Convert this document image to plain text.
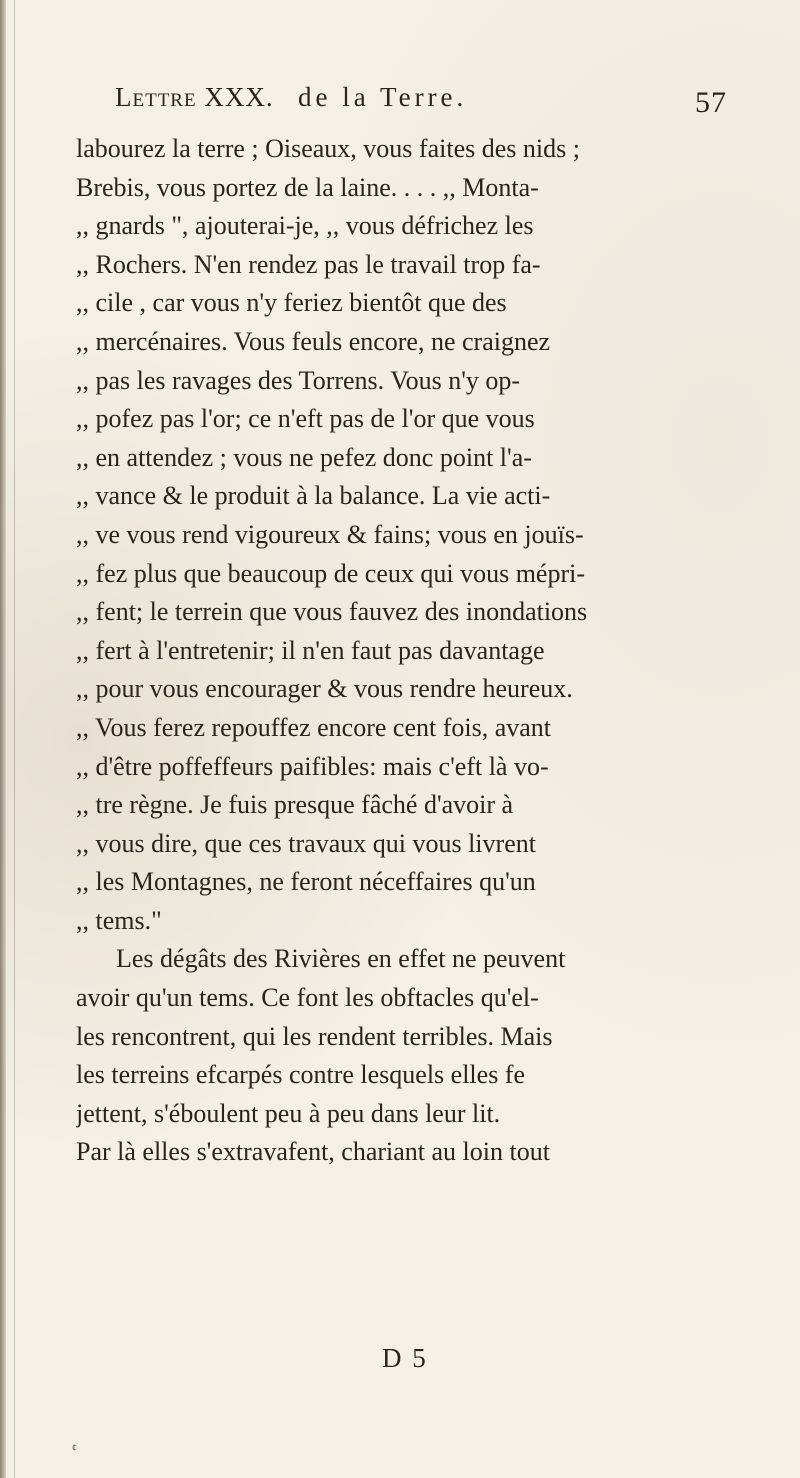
Lettre XXX. de la Terre.	57
labourez la terre ; Oiseaux, vous faites des nids ;
Brebis, vous portez de la laine. . . . ,, Monta-
,, gnards ", ajouterai-je, ,, vous défrichez les
,, Rochers. N'en rendez pas le travail trop fa-
,, cile , car vous n'y feriez bientôt que des
,, mercénaires. Vous feuls encore, ne craignez
,, pas les ravages des Torrens. Vous n'y op-
,, pofez pas l'or; ce n'eft pas de l'or que vous
,, en attendez ; vous ne pefez donc point l'a-
,, vance & le produit à la balance. La vie acti-
,, ve vous rend vigoureux & fains; vous en jouïs-
,, fez plus que beaucoup de ceux qui vous mépri-
,, fent; le terrein que vous fauvez des inondations
,, fert à l'entretenir; il n'en faut pas davantage
,, pour vous encourager & vous rendre heureux.
,, Vous ferez repouffez encore cent fois, avant
,, d'être poffeffeurs paifibles: mais c'eft là vo-
,, tre règne. Je fuis presque fâché d'avoir à
,, vous dire, que ces travaux qui vous livrent
,, les Montagnes, ne feront néceffaires qu'un
,, tems."
Les dégâts des Rivières en effet ne peuvent
avoir qu'un tems. Ce font les obftacles qu'el-
les rencontrent, qui les rendent terribles. Mais
les terreins efcarpés contre lesquels elles fe
jettent, s'éboulent peu à peu dans leur lit.
Par là elles s'extravafent, chariant au loin tout
D 5
¢
